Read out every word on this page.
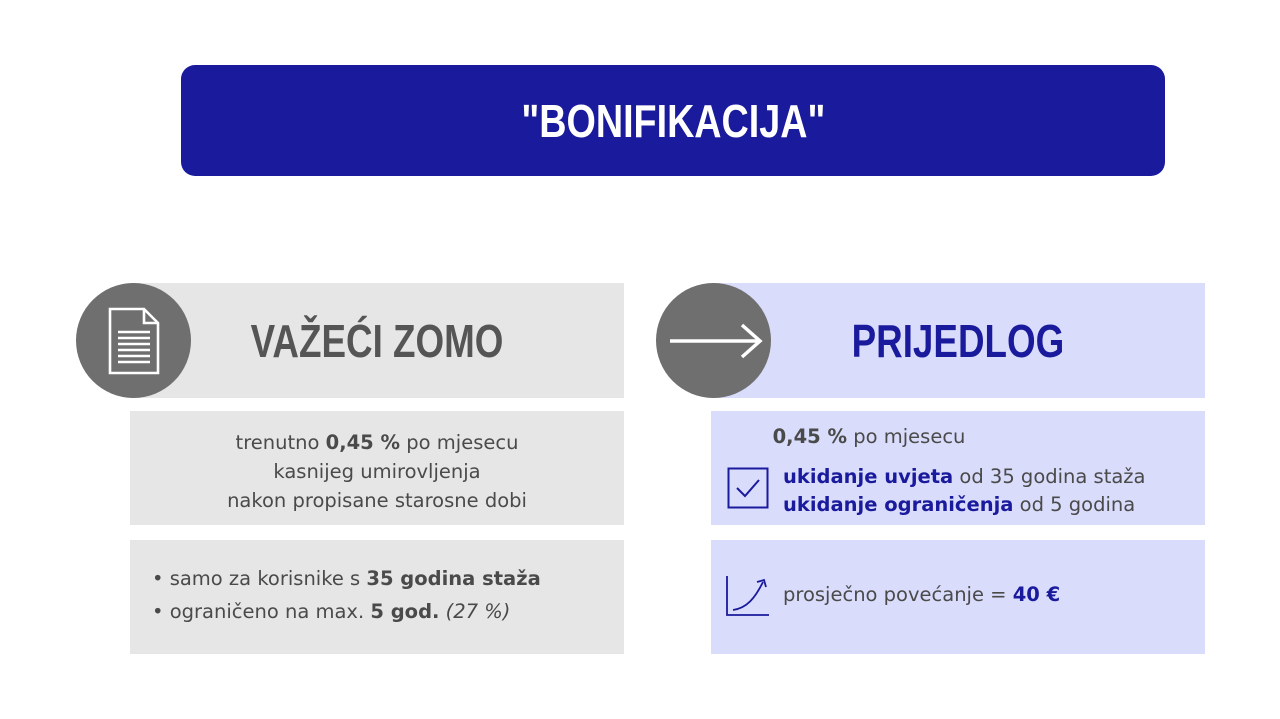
"BONIFIKACIJA"
VAŽEĆI ZOMO
trenutno 0,45 % po mjesecu
kasnijeg umirovljenja
nakon propisane starosne dobi
• samo za korisnike s 35 godina staža
• ograničeno na max. 5 god. (27 %)
PRIJEDLOG
0,45 % po mjesecu
ukidanje uvjeta od 35 godina staža
ukidanje ograničenja od 5 godina
prosječno povećanje = 40 €
